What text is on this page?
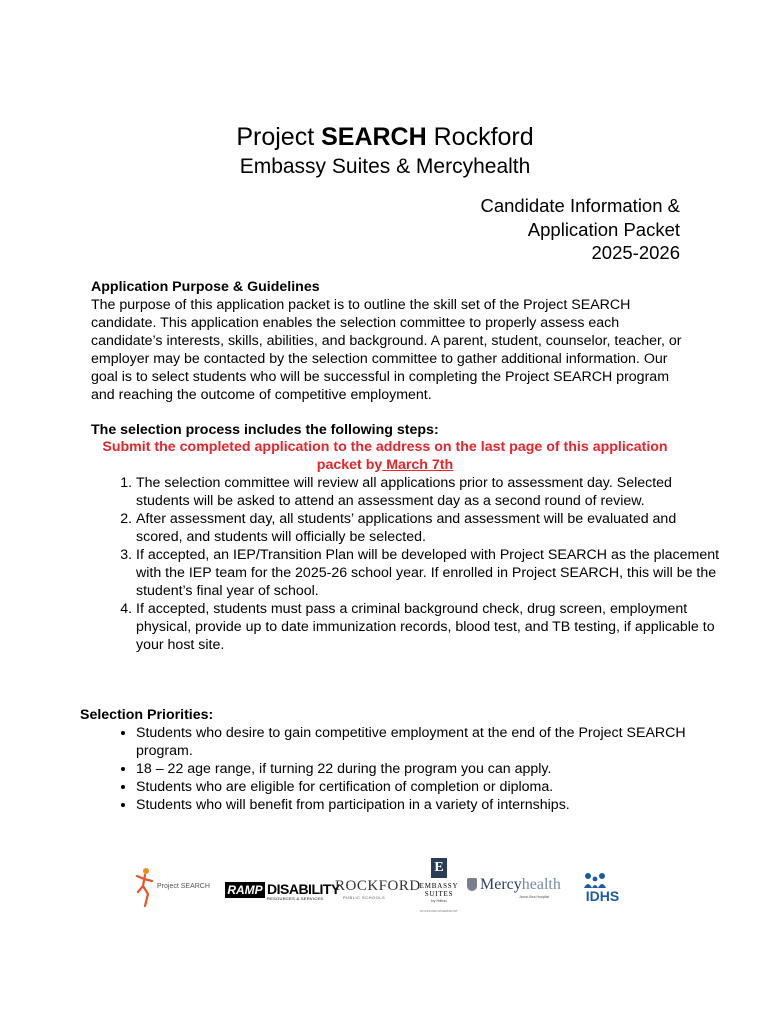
Project SEARCH Rockford
Embassy Suites & Mercyhealth
Candidate Information &
Application Packet
2025-2026
Application Purpose & Guidelines
The purpose of this application packet is to outline the skill set of the Project SEARCH candidate. This application enables the selection committee to properly assess each candidate’s interests, skills, abilities, and background. A parent, student, counselor, teacher, or employer may be contacted by the selection committee to gather additional information. Our goal is to select students who will be successful in completing the Project SEARCH program and reaching the outcome of competitive employment.
The selection process includes the following steps:
Submit the completed application to the address on the last page of this application packet by March 7th
1. The selection committee will review all applications prior to assessment day. Selected students will be asked to attend an assessment day as a second round of review.
2. After assessment day, all students’ applications and assessment will be evaluated and scored, and students will officially be selected.
3. If accepted, an IEP/Transition Plan will be developed with Project SEARCH as the placement with the IEP team for the 2025-26 school year. If enrolled in Project SEARCH, this will be the student’s final year of school.
4. If accepted, students must pass a criminal background check, drug screen, employment physical, provide up to date immunization records, blood test, and TB testing, if applicable to your host site.
Selection Priorities:
• Students who desire to gain competitive employment at the end of the Project SEARCH program.
• 18 – 22 age range, if turning 22 during the program you can apply.
• Students who are eligible for certification of completion or diploma.
• Students who will benefit from participation in a variety of internships.
Project SEARCH RAMP DISABILITY
RESOURCES & SERVICES
ROCKFORD
PUBLIC SCHOOLS
E
EMBASSY SUITES
by Hilton
ROCKFORD RIVERFRONT
Mercyhealth
Javon Bea Hospital	IDHS
